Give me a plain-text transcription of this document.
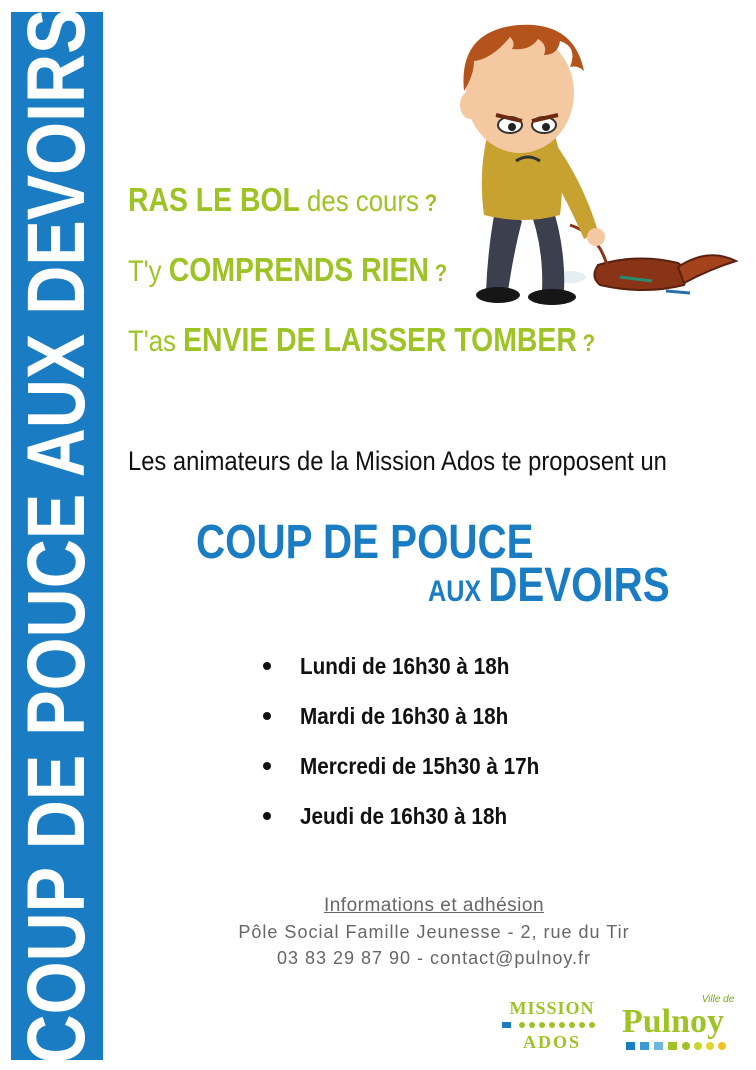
COUP DE POUCE AUX DEVOIRS RAS LE BOL des cours ?
T'y COMPRENDS RIEN ?
T'as ENVIE DE LAISSER TOMBER ?
Les animateurs de la Mission Ados te proposent un
COUP DE POUCE
AUX DEVOIRS
Lundi de 16h30 à 18h
Mardi de 16h30 à 18h
Mercredi de 15h30 à 17h
Jeudi de 16h30 à 18h
Informations et adhésion
Pôle Social Famille Jeunesse - 2, rue du Tir
03 83 29 87 90 - contact@pulnoy.fr
MISSION
ADOS
Ville de
Pulnoy
